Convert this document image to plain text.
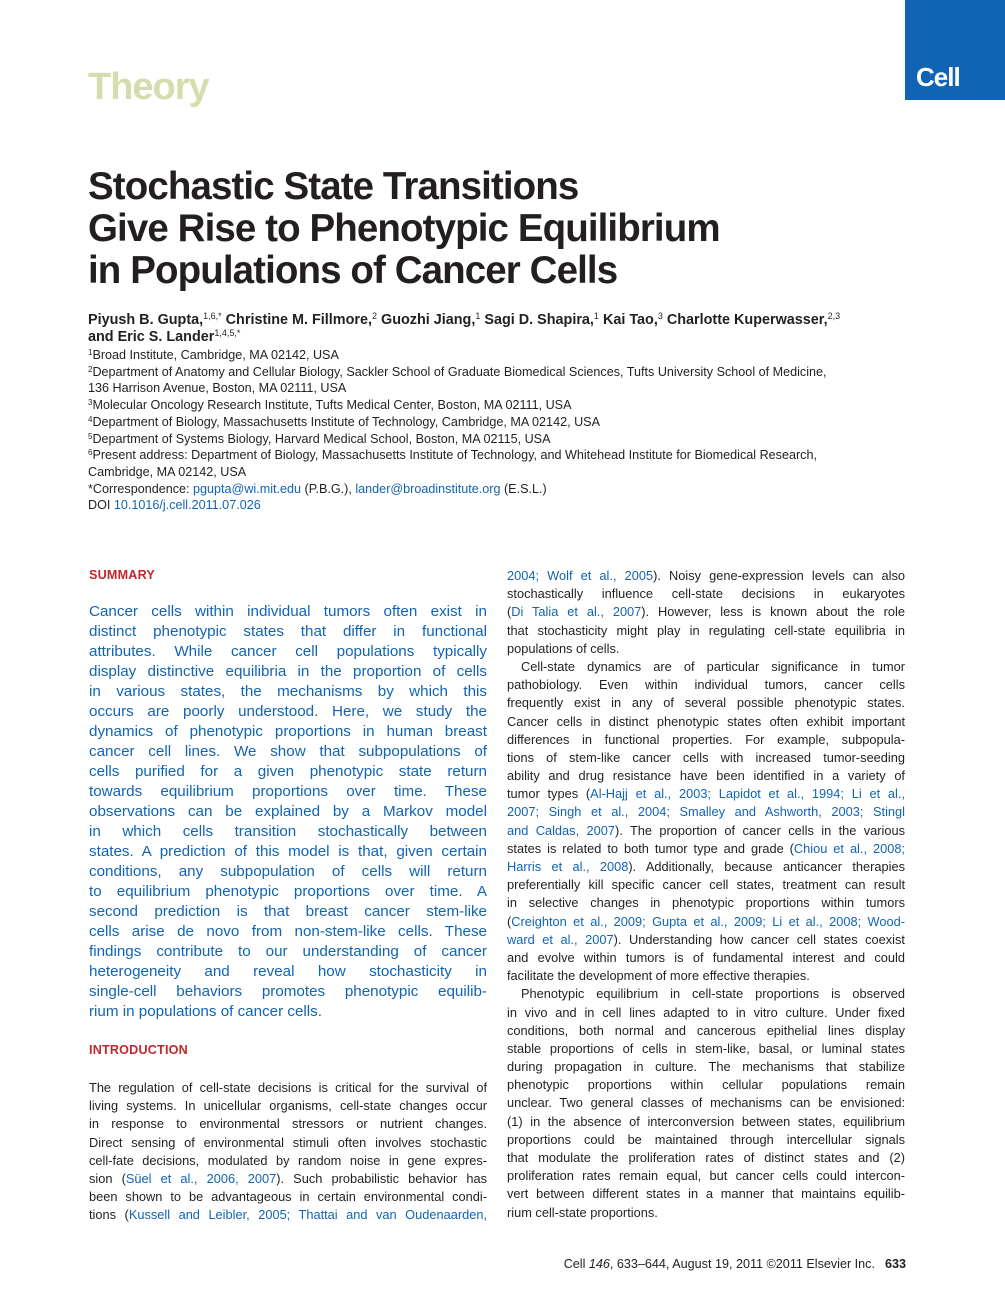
Theory	Cell
Stochastic State Transitions
Give Rise to Phenotypic Equilibrium
in Populations of Cancer Cells
Piyush B. Gupta,$^{1,6,*}$ Christine M. Fillmore,$^2$ Guozhi Jiang,$^1$ Sagi D. Shapira,$^1$ Kai Tao,$^3$ Charlotte Kuperwasser,$^{2,3}$
and Eric S. Lander$^{1,4,5,*}$
$^1$Broad Institute, Cambridge, MA 02142, USA
$^2$Department of Anatomy and Cellular Biology, Sackler School of Graduate Biomedical Sciences, Tufts University School of Medicine,
136 Harrison Avenue, Boston, MA 02111, USA
$^3$Molecular Oncology Research Institute, Tufts Medical Center, Boston, MA 02111, USA
$^4$Department of Biology, Massachusetts Institute of Technology, Cambridge, MA 02142, USA
$^5$Department of Systems Biology, Harvard Medical School, Boston, MA 02115, USA
$^6$Present address: Department of Biology, Massachusetts Institute of Technology, and Whitehead Institute for Biomedical Research,
Cambridge, MA 02142, USA
*Correspondence: pgupta@wi.mit.edu (P.B.G.), lander@broadinstitute.org (E.S.L.)
DOI 10.1016/j.cell.2011.07.026
SUMMARY
Cancer cells within individual tumors often exist in
distinct phenotypic states that differ in functional
attributes. While cancer cell populations typically
display distinctive equilibria in the proportion of cells
in various states, the mechanisms by which this
occurs are poorly understood. Here, we study the
dynamics of phenotypic proportions in human breast
cancer cell lines. We show that subpopulations of
cells purified for a given phenotypic state return
towards equilibrium proportions over time. These
observations can be explained by a Markov model
in which cells transition stochastically between
states. A prediction of this model is that, given certain
conditions, any subpopulation of cells will return
to equilibrium phenotypic proportions over time. A
second prediction is that breast cancer stem-like
cells arise de novo from non-stem-like cells. These
findings contribute to our understanding of cancer
heterogeneity and reveal how stochasticity in
single-cell behaviors promotes phenotypic equilib-
rium in populations of cancer cells.
INTRODUCTION
The regulation of cell-state decisions is critical for the survival of
living systems. In unicellular organisms, cell-state changes occur
in response to environmental stressors or nutrient changes.
Direct sensing of environmental stimuli often involves stochastic
cell-fate decisions, modulated by random noise in gene expres-
sion (Süel et al., 2006, 2007). Such probabilistic behavior has
been shown to be advantageous in certain environmental condi-
tions (Kussell and Leibler, 2005; Thattai and van Oudenaarden,
2004; Wolf et al., 2005). Noisy gene-expression levels can also
stochastically influence cell-state decisions in eukaryotes
(Di Talia et al., 2007). However, less is known about the role
that stochasticity might play in regulating cell-state equilibria in
populations of cells.
Cell-state dynamics are of particular significance in tumor
pathobiology. Even within individual tumors, cancer cells
frequently exist in any of several possible phenotypic states.
Cancer cells in distinct phenotypic states often exhibit important
differences in functional properties. For example, subpopula-
tions of stem-like cancer cells with increased tumor-seeding
ability and drug resistance have been identified in a variety of
tumor types (Al-Hajj et al., 2003; Lapidot et al., 1994; Li et al.,
2007; Singh et al., 2004; Smalley and Ashworth, 2003; Stingl
and Caldas, 2007). The proportion of cancer cells in the various
states is related to both tumor type and grade (Chiou et al., 2008;
Harris et al., 2008). Additionally, because anticancer therapies
preferentially kill specific cancer cell states, treatment can result
in selective changes in phenotypic proportions within tumors
(Creighton et al., 2009; Gupta et al., 2009; Li et al., 2008; Wood-
ward et al., 2007). Understanding how cancer cell states coexist
and evolve within tumors is of fundamental interest and could
facilitate the development of more effective therapies.
Phenotypic equilibrium in cell-state proportions is observed
in vivo and in cell lines adapted to in vitro culture. Under fixed
conditions, both normal and cancerous epithelial lines display
stable proportions of cells in stem-like, basal, or luminal states
during propagation in culture. The mechanisms that stabilize
phenotypic proportions within cellular populations remain
unclear. Two general classes of mechanisms can be envisioned:
(1) in the absence of interconversion between states, equilibrium
proportions could be maintained through intercellular signals
that modulate the proliferation rates of distinct states and (2)
proliferation rates remain equal, but cancer cells could intercon-
vert between different states in a manner that maintains equilib-
rium cell-state proportions.
Cell 146, 633–644, August 19, 2011 ©2011 Elsevier Inc. 633
